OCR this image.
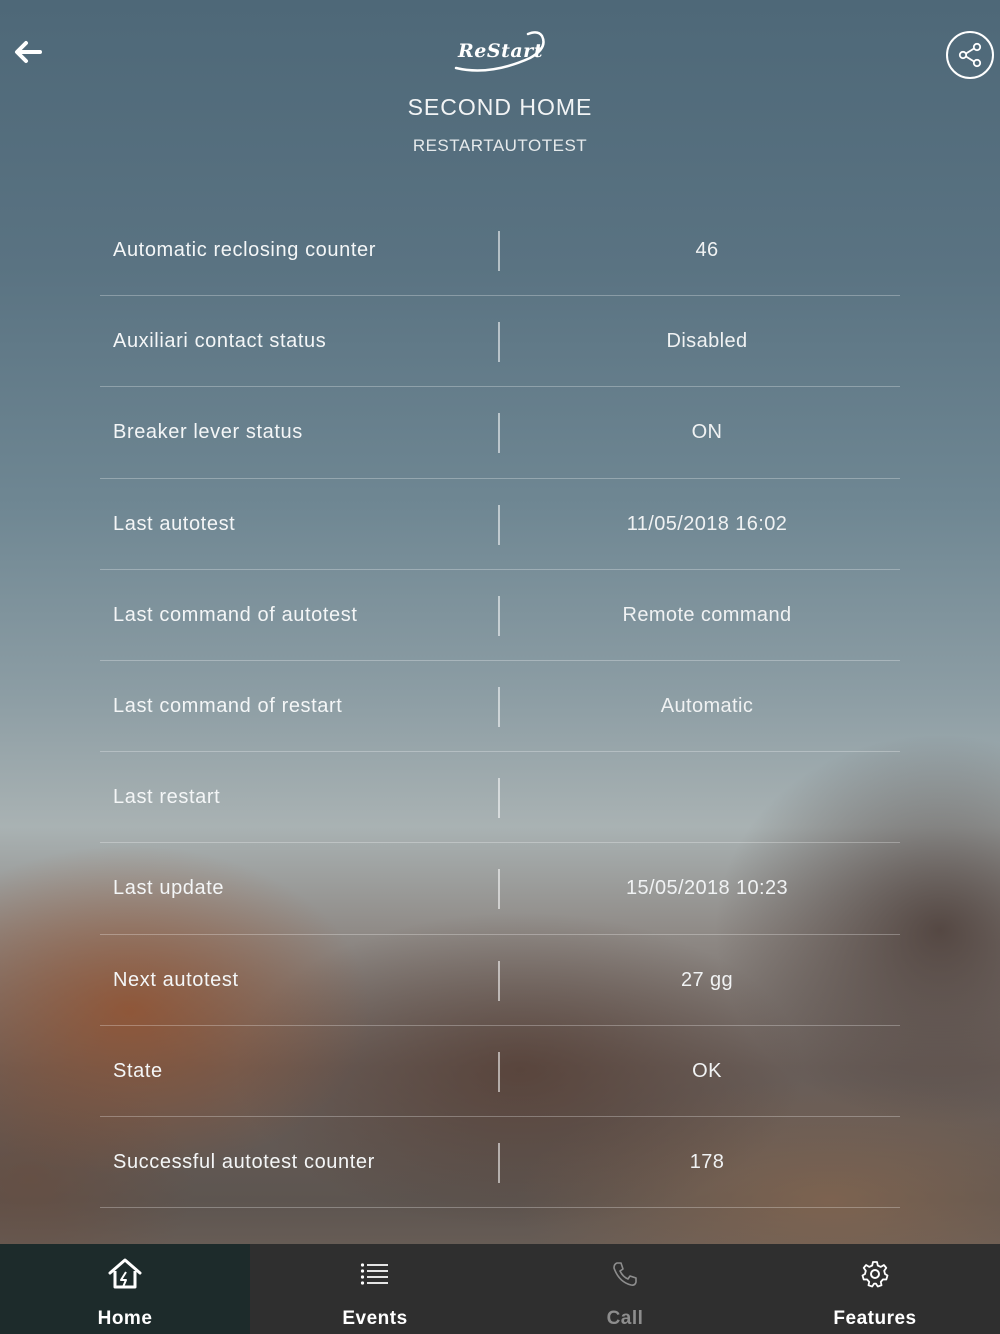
ReStart
SECOND HOME
RESTARTAUTOTEST
Automatic reclosing counter	46
Auxiliari contact status	Disabled
Breaker lever status	ON
Last autotest	11/05/2018 16:02
Last command of autotest	Remote command
Last command of restart	Automatic
Last restart
Last update	15/05/2018 10:23
Next autotest	27 gg
State	OK
Successful autotest counter	178
Home	Events	Call	Features
